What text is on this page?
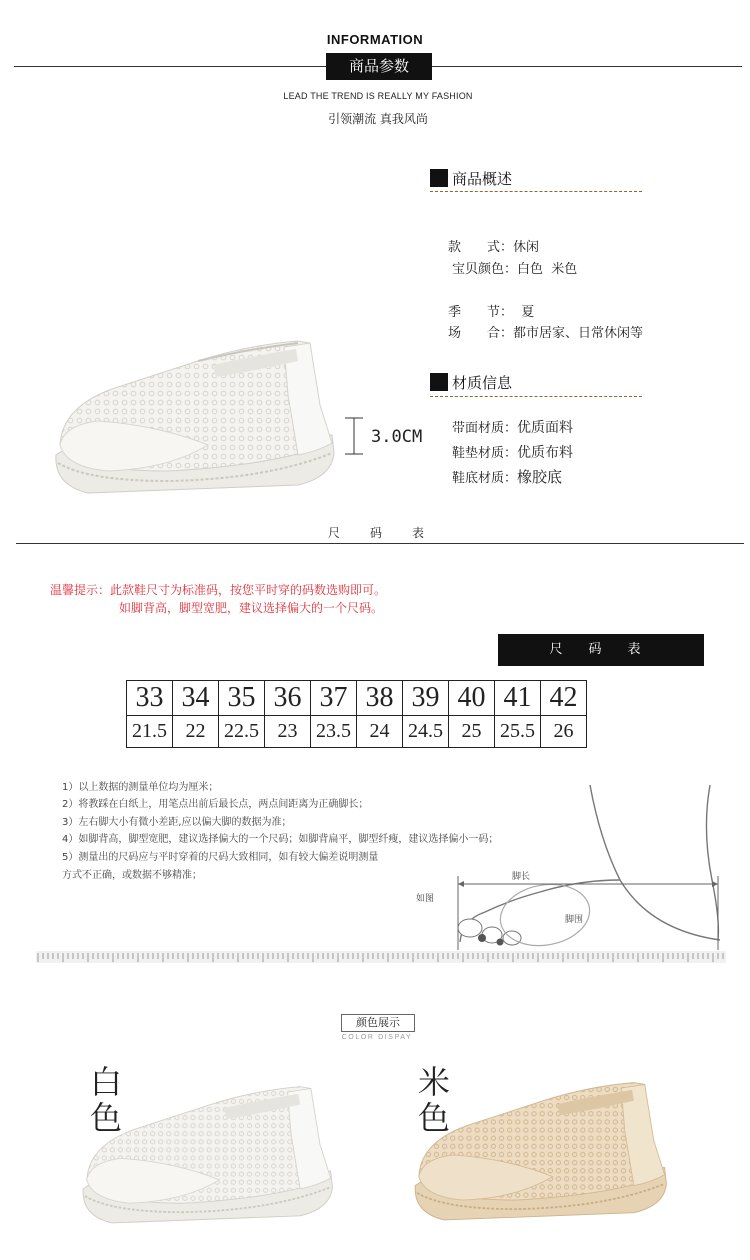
INFORMATION
商品参数
LEAD THE TREND IS REALLY MY FASHION
引领潮流 真我风尚
3.0CM
商品概述
款　　式：休闲
宝贝颜色：白色  米色
季　　节：  夏
场　　合：都市居家、日常休闲等
材质信息
带面材质：优质面料
鞋垫材质：优质布料
鞋底材质：橡胶底
尺码表
温馨提示：此款鞋尺寸为标准码，按您平时穿的码数选购即可。
如脚背高，脚型宽肥，建议选择偏大的一个尺码。
尺码表
33	34	35	36	37	38	39	40	41	42
21.5	22	22.5	23	23.5	24	24.5	25	25.5	26
1）以上数据的测量单位均为厘米；
2）将教踩在白纸上，用笔点出前后最长点，两点间距离为正确脚长；
3）左右脚大小有微小差距,应以偏大脚的数据为准；
4）如脚背高，脚型宽肥，建议选择偏大的一个尺码；如脚背扁平，脚型纤瘦，建议选择偏小一码；
5）测量出的尺码应与平时穿着的尺码大致相同，如有较大偏差说明测量
方式不正确，或数据不够精准；	脚长
如图
脚围
颜色展示
COLOR DISPAY
白
色
米
色
